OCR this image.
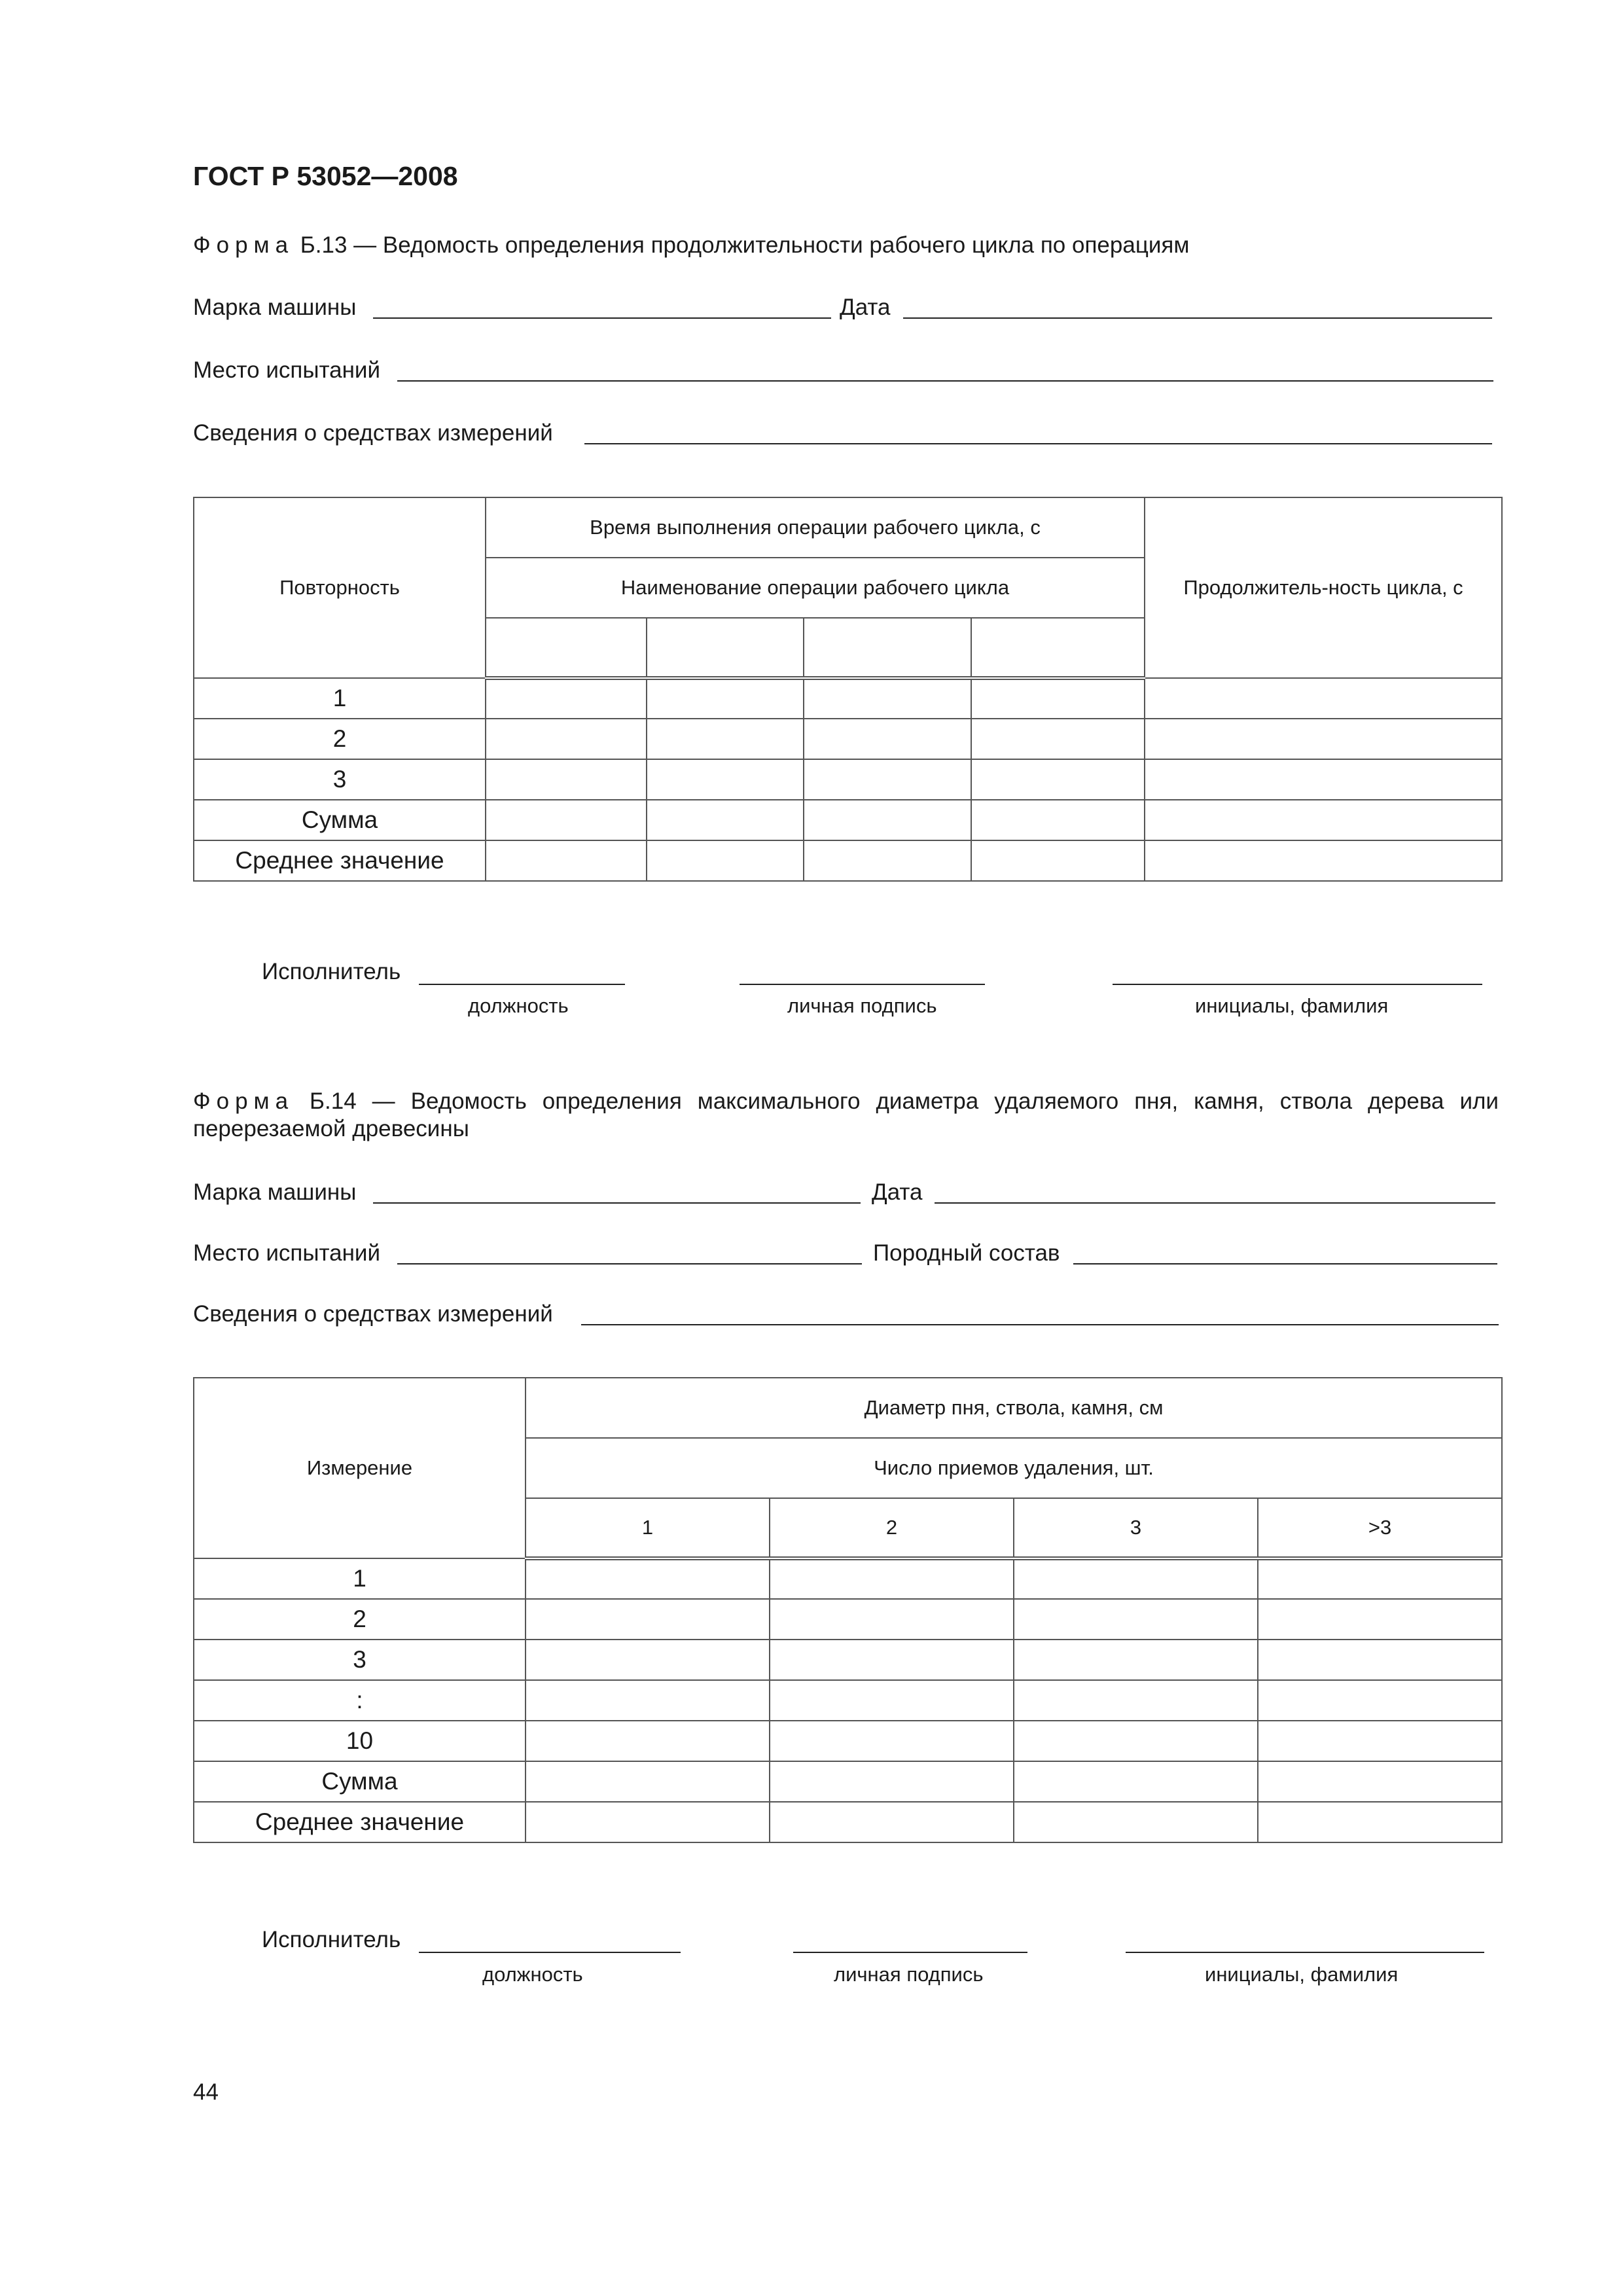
ГОСТ Р 53052—2008
Форма Б.13 — Ведомость определения продолжительности рабочего цикла по операциям
Марка машины	Дата
Место испытаний
Сведения о средствах измерений
Повторность	Время выполнения операции рабочего цикла, с				Продолжитель-ность цикла, с
	Наименование операции рабочего цикла				

1					
2					
3					
Сумма					
Среднее значение					
Исполнитель
должность	личная подпись	инициалы, фамилия
Форма Б.14 — Ведомость определения максимального диаметра удаляемого пня, камня, ствола дерева или перерезаемой древесины
Марка машины	Дата
Место испытаний	Породный состав
Сведения о средствах измерений
Измерение	Диаметр пня, ствола, камня, см			
	Число приемов удаления, шт.			
	1	2	3	>3
1				
2				
3				
:				
10				
Сумма				
Среднее значение				
Исполнитель
должность	личная подпись	инициалы, фамилия
44
